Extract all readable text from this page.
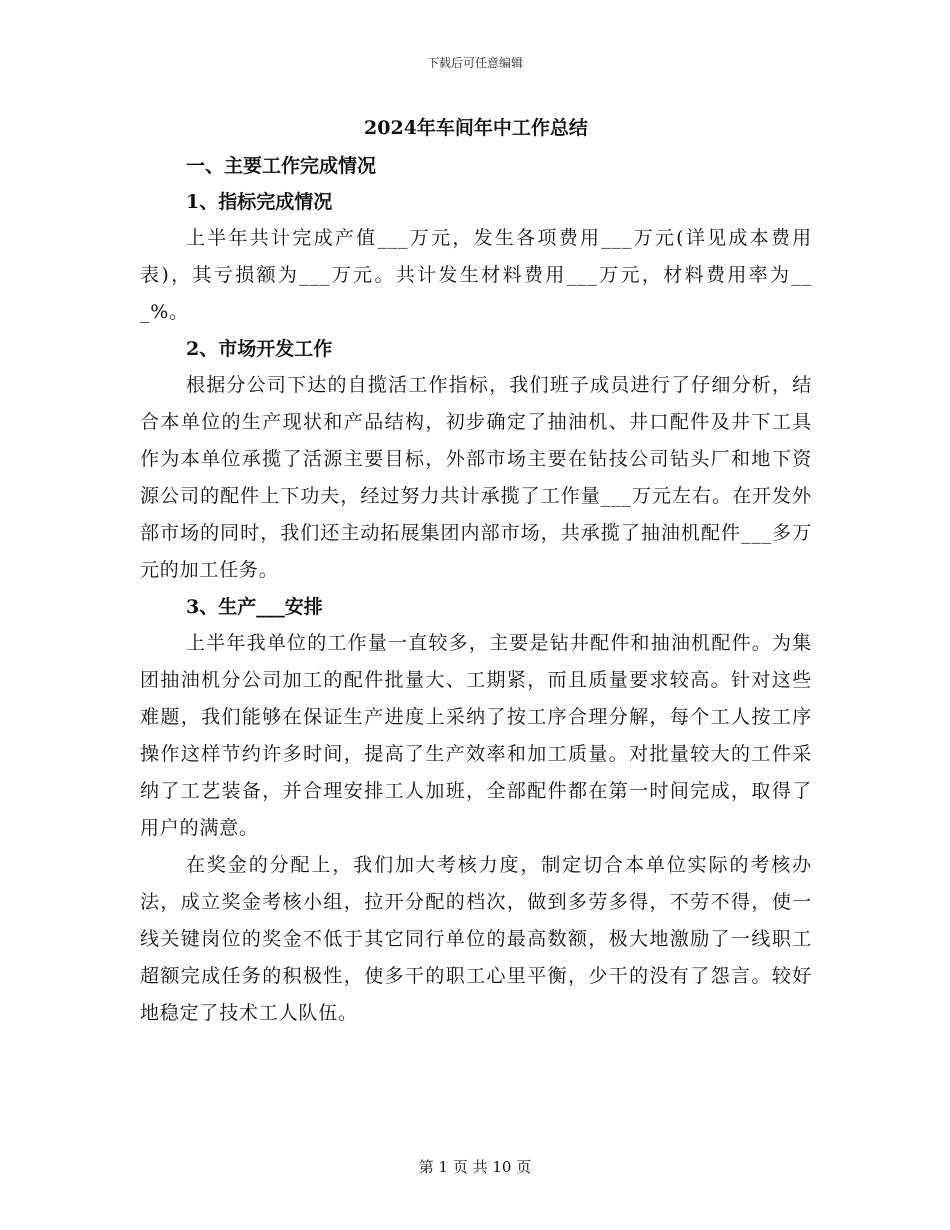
下载后可任意编辑
2024年车间年中工作总结
一、主要工作完成情况
1、指标完成情况

上半年共计完成产值___万元，发生各项费用___万元(详见成本费用表)，其亏损额为___万元。共计发生材料费用___万元，材料费用率为___%。

2、市场开发工作

根据分公司下达的自揽活工作指标，我们班子成员进行了仔细分析，结合本单位的生产现状和产品结构，初步确定了抽油机、井口配件及井下工具作为本单位承揽了活源主要目标，外部市场主要在钻技公司钻头厂和地下资源公司的配件上下功夫，经过努力共计承揽了工作量___万元左右。在开发外部市场的同时，我们还主动拓展集团内部市场，共承揽了抽油机配件___多万元的加工任务。

3、生产___安排

上半年我单位的工作量一直较多，主要是钻井配件和抽油机配件。为集团抽油机分公司加工的配件批量大、工期紧，而且质量要求较高。针对这些难题，我们能够在保证生产进度上采纳了按工序合理分解，每个工人按工序操作这样节约许多时间，提高了生产效率和加工质量。对批量较大的工件采纳了工艺装备，并合理安排工人加班，全部配件都在第一时间完成，取得了用户的满意。

在奖金的分配上，我们加大考核力度，制定切合本单位实际的考核办法，成立奖金考核小组，拉开分配的档次，做到多劳多得，不劳不得，使一线关键岗位的奖金不低于其它同行单位的最高数额，极大地激励了一线职工超额完成任务的积极性，使多干的职工心里平衡，少干的没有了怨言。较好地稳定了技术工人队伍。

第 1 页 共 10 页
